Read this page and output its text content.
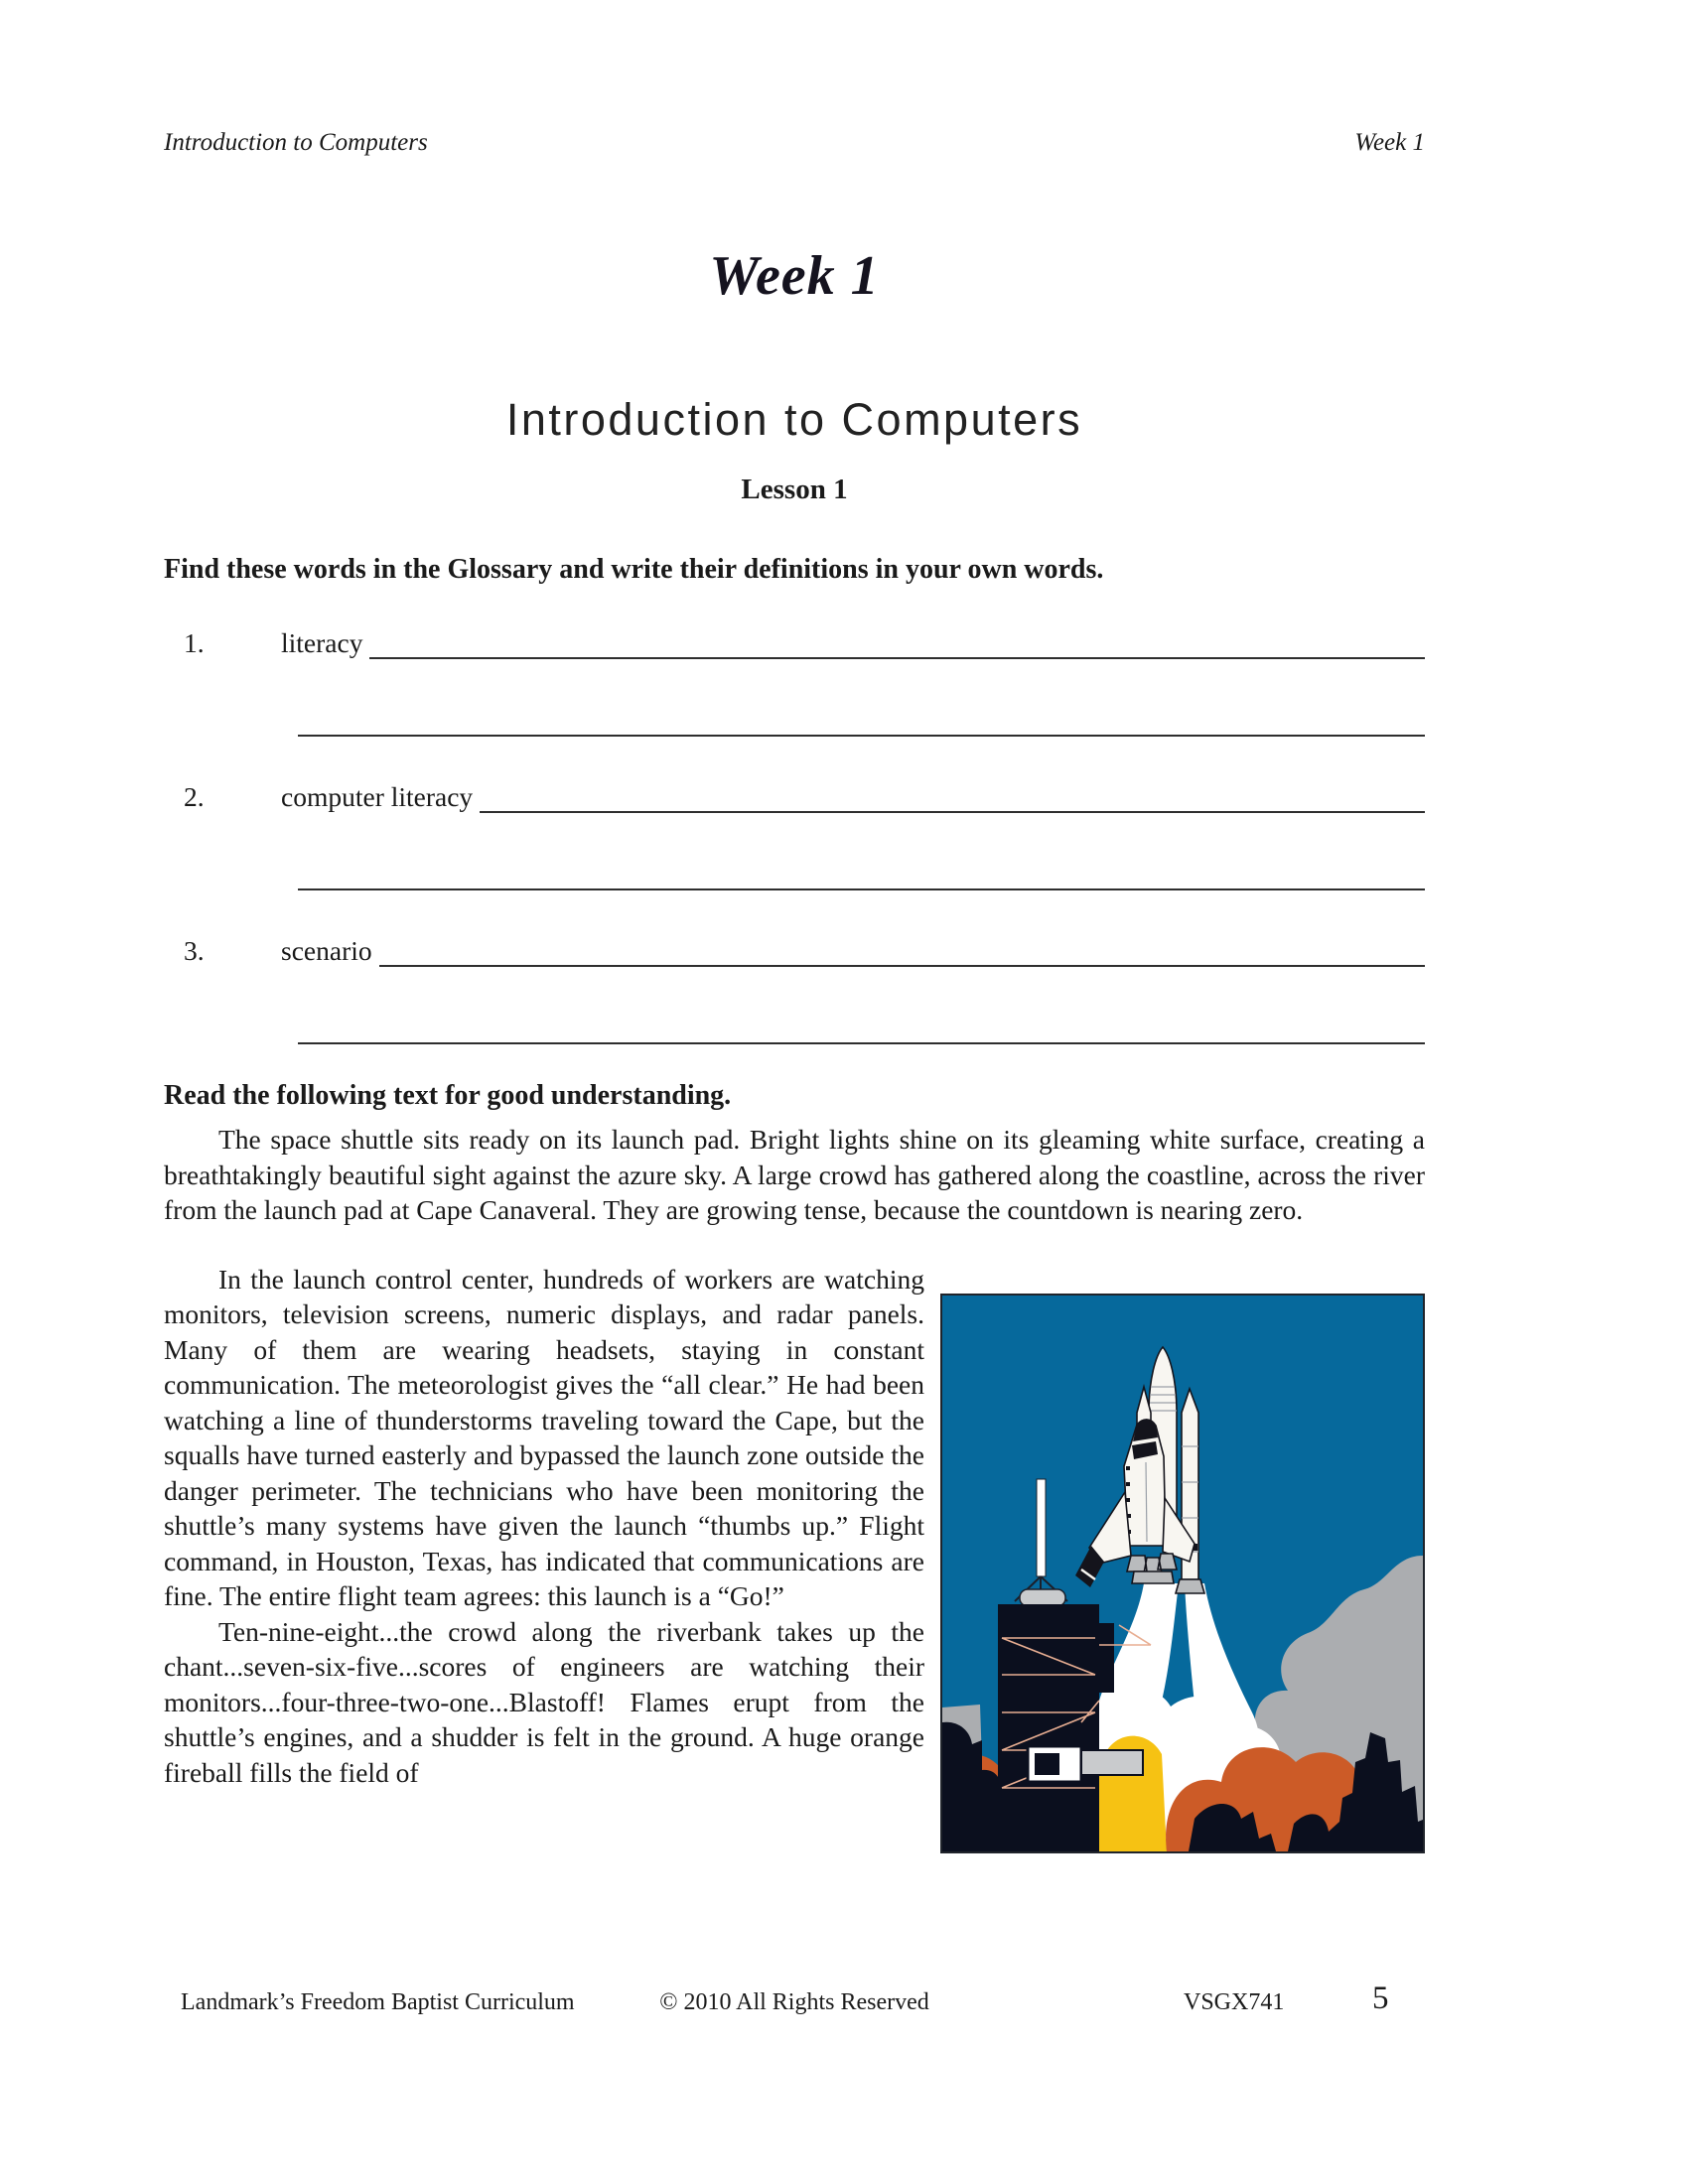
Introduction to Computers	Week 1
Week 1
Introduction to Computers
Lesson 1
Find these words in the Glossary and write their definitions in your own words.
1.	literacy
2.	computer literacy
3.	scenario
Read the following text for good understanding.

The space shuttle sits ready on its launch pad. Bright lights shine on its gleaming white surface, creating a breathtakingly beautiful sight against the azure sky. A large crowd has gathered along the coastline, across the river from the launch pad at Cape Canaveral. They are growing tense, because the countdown is nearing zero.

In the launch control center, hundreds of workers are watching monitors, television screens, numeric displays, and radar panels. Many of them are wearing headsets, staying in constant communication. The meteorologist gives the “all clear.” He had been watching a line of thunderstorms traveling toward the Cape, but the squalls have turned easterly and bypassed the launch zone outside the danger perimeter. The technicians who have been monitoring the shuttle’s many systems have given the launch “thumbs up.” Flight command, in Houston, Texas, has indicated that communications are fine. The entire flight team agrees: this launch is a “Go!”

Ten-nine-eight...the crowd along the riverbank takes up the chant...seven-six-five...scores of engineers are watching their monitors...four-three-two-one...Blastoff! Flames erupt from the shuttle’s engines, and a shudder is felt in the ground. A huge orange fireball fills the field of

Landmark’s Freedom Baptist Curriculum	© 2010 All Rights Reserved	VSGX741	5
